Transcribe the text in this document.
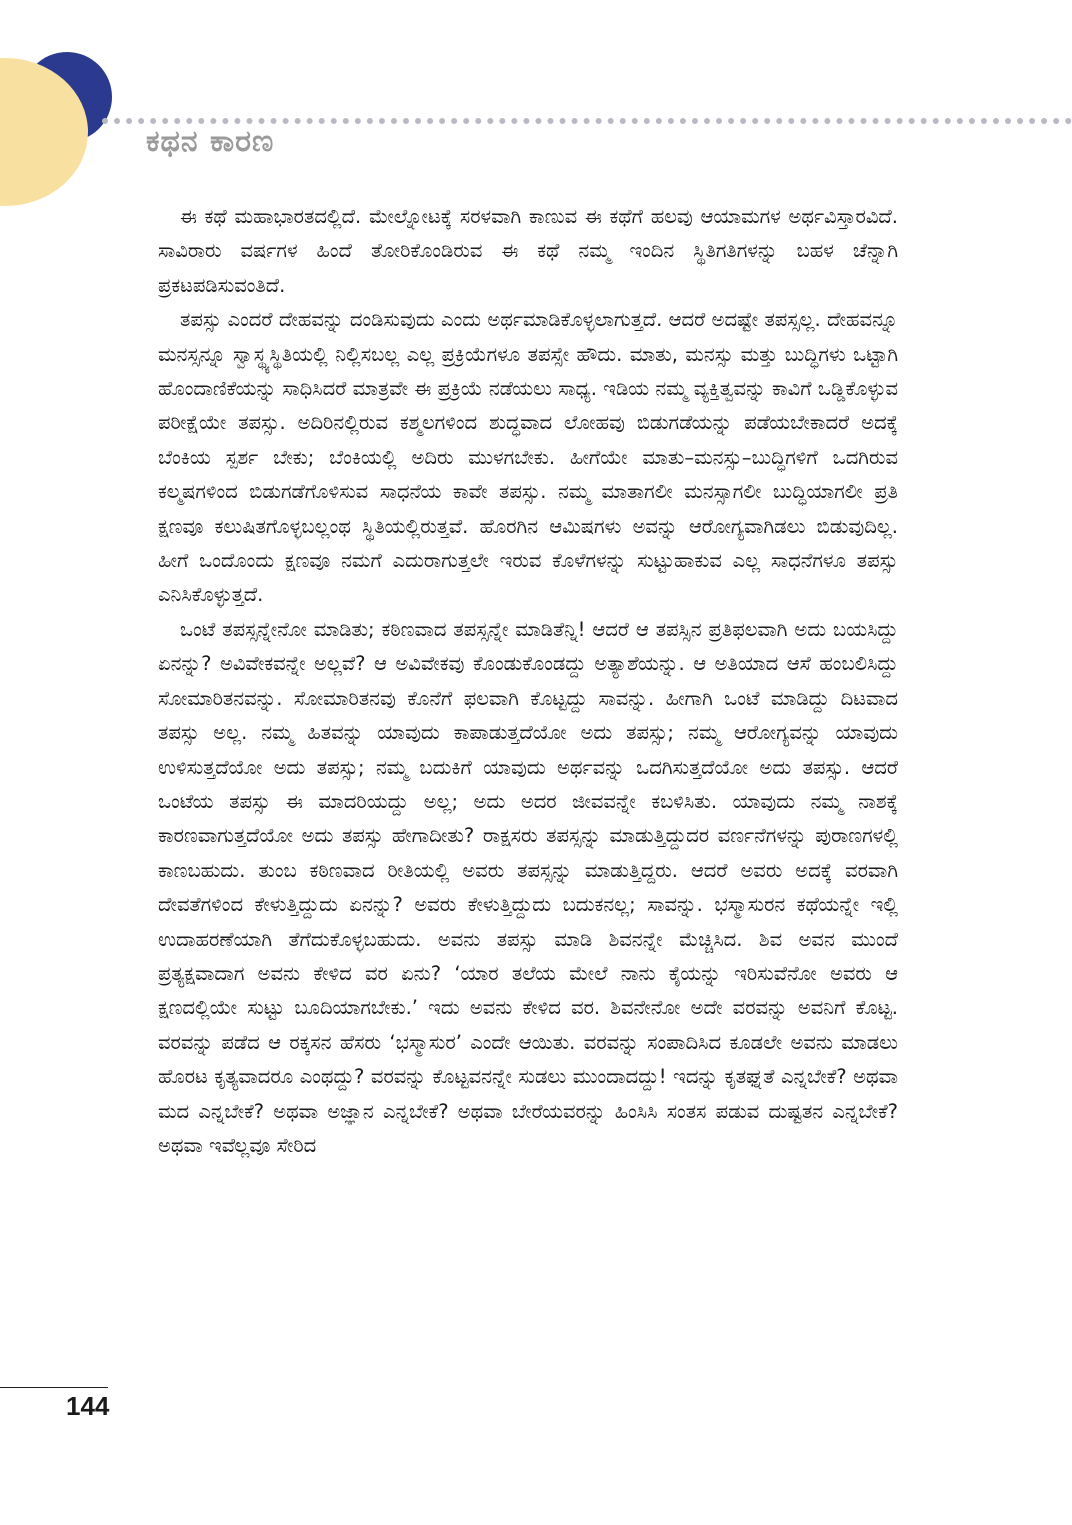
ಕಥನ ಕಾರಣ

ಈ ಕಥೆ ಮಹಾಭಾರತದಲ್ಲಿದೆ. ಮೇಲ್ನೋಟಕ್ಕೆ ಸರಳವಾಗಿ ಕಾಣುವ ಈ ಕಥೆಗೆ ಹಲವು ಆಯಾಮಗಳ ಅರ್ಥವಿಸ್ತಾರವಿದೆ. ಸಾವಿರಾರು ವರ್ಷಗಳ ಹಿಂದೆ ತೋರಿಕೊಂಡಿರುವ ಈ ಕಥೆ ನಮ್ಮ ಇಂದಿನ ಸ್ಥಿತಿಗತಿಗಳನ್ನು ಬಹಳ ಚೆನ್ನಾಗಿ ಪ್ರಕಟಪಡಿಸುವಂತಿದೆ.

ತಪಸ್ಸು ಎಂದರೆ ದೇಹವನ್ನು ದಂಡಿಸುವುದು ಎಂದು ಅರ್ಥಮಾಡಿಕೊಳ್ಳಲಾಗುತ್ತದೆ. ಆದರೆ ಅದಷ್ಟೇ ತಪಸ್ಸಲ್ಲ. ದೇಹವನ್ನೂ ಮನಸ್ಸನ್ನೂ ಸ್ವಾಸ್ಥ್ಯಸ್ಥಿತಿಯಲ್ಲಿ ನಿಲ್ಲಿಸಬಲ್ಲ ಎಲ್ಲ ಪ್ರಕ್ರಿಯೆಗಳೂ ತಪಸ್ಸೇ ಹೌದು. ಮಾತು, ಮನಸ್ಸು ಮತ್ತು ಬುದ್ಧಿಗಳು ಒಟ್ಟಾಗಿ ಹೊಂದಾಣಿಕೆಯನ್ನು ಸಾಧಿಸಿದರೆ ಮಾತ್ರವೇ ಈ ಪ್ರಕ್ರಿಯೆ ನಡೆಯಲು ಸಾಧ್ಯ. ಇಡಿಯ ನಮ್ಮ ವ್ಯಕ್ತಿತ್ವವನ್ನು ಕಾವಿಗೆ ಒಡ್ಡಿಕೊಳ್ಳುವ ಪರೀಕ್ಷೆಯೇ ತಪಸ್ಸು. ಅದಿರಿನಲ್ಲಿರುವ ಕಶ್ಮಲಗಳಿಂದ ಶುದ್ಧವಾದ ಲೋಹವು ಬಿಡುಗಡೆಯನ್ನು ಪಡೆಯಬೇಕಾದರೆ ಅದಕ್ಕೆ ಬೆಂಕಿಯ ಸ್ಪರ್ಶ ಬೇಕು; ಬೆಂಕಿಯಲ್ಲಿ ಅದಿರು ಮುಳಗಬೇಕು. ಹೀಗೆಯೇ ಮಾತು–ಮನಸ್ಸು–ಬುದ್ಧಿಗಳಿಗೆ ಒದಗಿರುವ ಕಲ್ಮಷಗಳಿಂದ ಬಿಡುಗಡೆಗೊಳಿಸುವ ಸಾಧನೆಯ ಕಾವೇ ತಪಸ್ಸು. ನಮ್ಮ ಮಾತಾಗಲೀ ಮನಸ್ಸಾಗಲೀ ಬುದ್ಧಿಯಾಗಲೀ ಪ್ರತಿ ಕ್ಷಣವೂ ಕಲುಷಿತಗೊಳ್ಳಬಲ್ಲಂಥ ಸ್ಥಿತಿಯಲ್ಲಿರುತ್ತವೆ. ಹೊರಗಿನ ಆಮಿಷಗಳು ಅವನ್ನು ಆರೋಗ್ಯವಾಗಿಡಲು ಬಿಡುವುದಿಲ್ಲ. ಹೀಗೆ ಒಂದೊಂದು ಕ್ಷಣವೂ ನಮಗೆ ಎದುರಾಗುತ್ತಲೇ ಇರುವ ಕೊಳೆಗಳನ್ನು ಸುಟ್ಟುಹಾಕುವ ಎಲ್ಲ ಸಾಧನೆಗಳೂ ತಪಸ್ಸು ಎನಿಸಿಕೊಳ್ಳುತ್ತದೆ.

ಒಂಟೆ ತಪಸ್ಸನ್ನೇನೋ ಮಾಡಿತು; ಕಠಿಣವಾದ ತಪಸ್ಸನ್ನೇ ಮಾಡಿತೆನ್ನಿ! ಆದರೆ ಆ ತಪಸ್ಸಿನ ಪ್ರತಿಫಲವಾಗಿ ಅದು ಬಯಸಿದ್ದು ಏನನ್ನು? ಅವಿವೇಕವನ್ನೇ ಅಲ್ಲವೆ? ಆ ಅವಿವೇಕವು ಕೊಂಡುಕೊಂಡದ್ದು ಅತ್ಯಾಶೆಯನ್ನು. ಆ ಅತಿಯಾದ ಆಸೆ ಹಂಬಲಿಸಿದ್ದು ಸೋಮಾರಿತನವನ್ನು. ಸೋಮಾರಿತನವು ಕೊನೆಗೆ ಫಲವಾಗಿ ಕೊಟ್ಟದ್ದು ಸಾವನ್ನು. ಹೀಗಾಗಿ ಒಂಟೆ ಮಾಡಿದ್ದು ದಿಟವಾದ ತಪಸ್ಸು ಅಲ್ಲ. ನಮ್ಮ ಹಿತವನ್ನು ಯಾವುದು ಕಾಪಾಡುತ್ತದೆಯೋ ಅದು ತಪಸ್ಸು; ನಮ್ಮ ಆರೋಗ್ಯವನ್ನು ಯಾವುದು ಉಳಿಸುತ್ತದೆಯೋ ಅದು ತಪಸ್ಸು; ನಮ್ಮ ಬದುಕಿಗೆ ಯಾವುದು ಅರ್ಥವನ್ನು ಒದಗಿಸುತ್ತದೆಯೋ ಅದು ತಪಸ್ಸು. ಆದರೆ ಒಂಟೆಯ ತಪಸ್ಸು ಈ ಮಾದರಿಯದ್ದು ಅಲ್ಲ; ಅದು ಅದರ ಜೀವವನ್ನೇ ಕಬಳಿಸಿತು. ಯಾವುದು ನಮ್ಮ ನಾಶಕ್ಕೆ ಕಾರಣವಾಗುತ್ತದೆಯೋ ಅದು ತಪಸ್ಸು ಹೇಗಾದೀತು? ರಾಕ್ಷಸರು ತಪಸ್ಸನ್ನು ಮಾಡುತ್ತಿದ್ದುದರ ವರ್ಣನೆಗಳನ್ನು ಪುರಾಣಗಳಲ್ಲಿ ಕಾಣಬಹುದು. ತುಂಬ ಕಠಿಣವಾದ ರೀತಿಯಲ್ಲಿ ಅವರು ತಪಸ್ಸನ್ನು ಮಾಡುತ್ತಿದ್ದರು. ಆದರೆ ಅವರು ಅದಕ್ಕೆ ವರವಾಗಿ ದೇವತೆಗಳಿಂದ ಕೇಳುತ್ತಿದ್ದುದು ಏನನ್ನು? ಅವರು ಕೇಳುತ್ತಿದ್ದುದು ಬದುಕನಲ್ಲ; ಸಾವನ್ನು. ಭಸ್ಮಾಸುರನ ಕಥೆಯನ್ನೇ ಇಲ್ಲಿ ಉದಾಹರಣೆಯಾಗಿ ತೆಗೆದುಕೊಳ್ಳಬಹುದು. ಅವನು ತಪಸ್ಸು ಮಾಡಿ ಶಿವನನ್ನೇ ಮೆಚ್ಚಿಸಿದ. ಶಿವ ಅವನ ಮುಂದೆ ಪ್ರತ್ಯಕ್ಷವಾದಾಗ ಅವನು ಕೇಳಿದ ವರ ಏನು? ‘ಯಾರ ತಲೆಯ ಮೇಲೆ ನಾನು ಕೈಯನ್ನು ಇರಿಸುವೆನೋ ಅವರು ಆ ಕ್ಷಣದಲ್ಲಿಯೇ ಸುಟ್ಟು ಬೂದಿಯಾಗಬೇಕು.’ ಇದು ಅವನು ಕೇಳಿದ ವರ. ಶಿವನೇನೋ ಅದೇ ವರವನ್ನು ಅವನಿಗೆ ಕೊಟ್ಟ. ವರವನ್ನು ಪಡೆದ ಆ ರಕ್ಕಸನ ಹೆಸರು ‘ಭಸ್ಮಾಸುರ’ ಎಂದೇ ಆಯಿತು. ವರವನ್ನು ಸಂಪಾದಿಸಿದ ಕೂಡಲೇ ಅವನು ಮಾಡಲು ಹೊರಟ ಕೃತ್ಯವಾದರೂ ಎಂಥದ್ದು? ವರವನ್ನು ಕೊಟ್ಟವನನ್ನೇ ಸುಡಲು ಮುಂದಾದದ್ದು! ಇದನ್ನು ಕೃತಘ್ನತೆ ಎನ್ನಬೇಕೆ? ಅಥವಾ ಮದ ಎನ್ನಬೇಕೆ? ಅಥವಾ ಅಜ್ಞಾನ ಎನ್ನಬೇಕೆ? ಅಥವಾ ಬೇರೆಯವರನ್ನು ಹಿಂಸಿಸಿ ಸಂತಸ ಪಡುವ ದುಷ್ಟತನ ಎನ್ನಬೇಕೆ? ಅಥವಾ ಇವೆಲ್ಲವೂ ಸೇರಿದ

144
